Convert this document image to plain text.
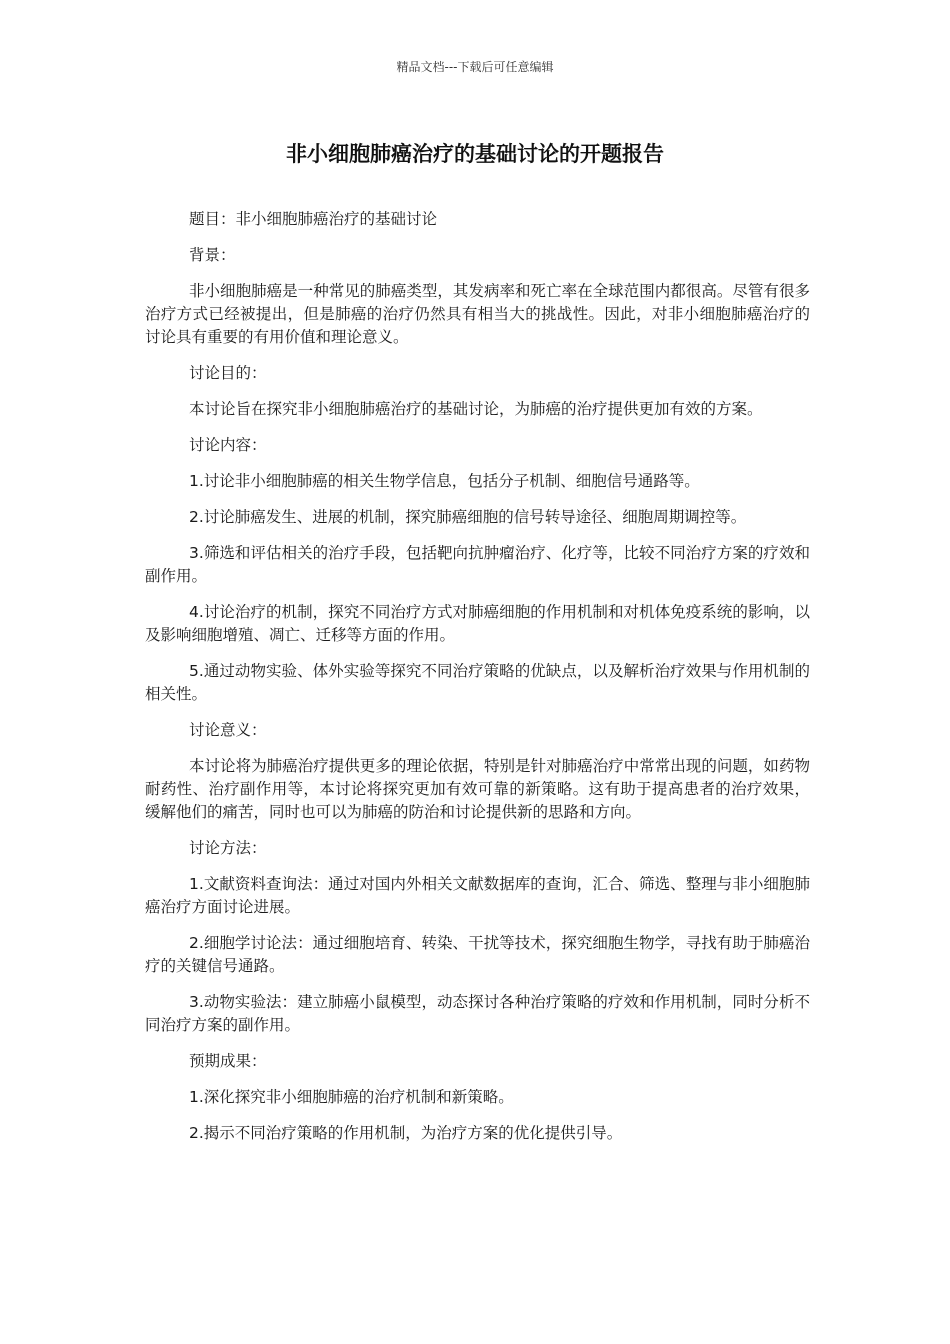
精品文档---下载后可任意编辑
非小细胞肺癌治疗的基础讨论的开题报告

题目：非小细胞肺癌治疗的基础讨论

背景：

非小细胞肺癌是一种常见的肺癌类型，其发病率和死亡率在全球范围内都很高。尽管有很多治疗方式已经被提出，但是肺癌的治疗仍然具有相当大的挑战性。因此，对非小细胞肺癌治疗的讨论具有重要的有用价值和理论意义。

讨论目的：

本讨论旨在探究非小细胞肺癌治疗的基础讨论，为肺癌的治疗提供更加有效的方案。

讨论内容：

1.讨论非小细胞肺癌的相关生物学信息，包括分子机制、细胞信号通路等。

2.讨论肺癌发生、进展的机制，探究肺癌细胞的信号转导途径、细胞周期调控等。

3.筛选和评估相关的治疗手段，包括靶向抗肿瘤治疗、化疗等，比较不同治疗方案的疗效和副作用。

4.讨论治疗的机制，探究不同治疗方式对肺癌细胞的作用机制和对机体免疫系统的影响，以及影响细胞增殖、凋亡、迁移等方面的作用。

5.通过动物实验、体外实验等探究不同治疗策略的优缺点，以及解析治疗效果与作用机制的相关性。

讨论意义：

本讨论将为肺癌治疗提供更多的理论依据，特别是针对肺癌治疗中常常出现的问题，如药物耐药性、治疗副作用等，本讨论将探究更加有效可靠的新策略。这有助于提高患者的治疗效果，缓解他们的痛苦，同时也可以为肺癌的防治和讨论提供新的思路和方向。

讨论方法：

1.文献资料查询法：通过对国内外相关文献数据库的查询，汇合、筛选、整理与非小细胞肺癌治疗方面讨论进展。

2.细胞学讨论法：通过细胞培育、转染、干扰等技术，探究细胞生物学，寻找有助于肺癌治疗的关键信号通路。

3.动物实验法：建立肺癌小鼠模型，动态探讨各种治疗策略的疗效和作用机制，同时分析不同治疗方案的副作用。

预期成果：

1.深化探究非小细胞肺癌的治疗机制和新策略。

2.揭示不同治疗策略的作用机制，为治疗方案的优化提供引导。
